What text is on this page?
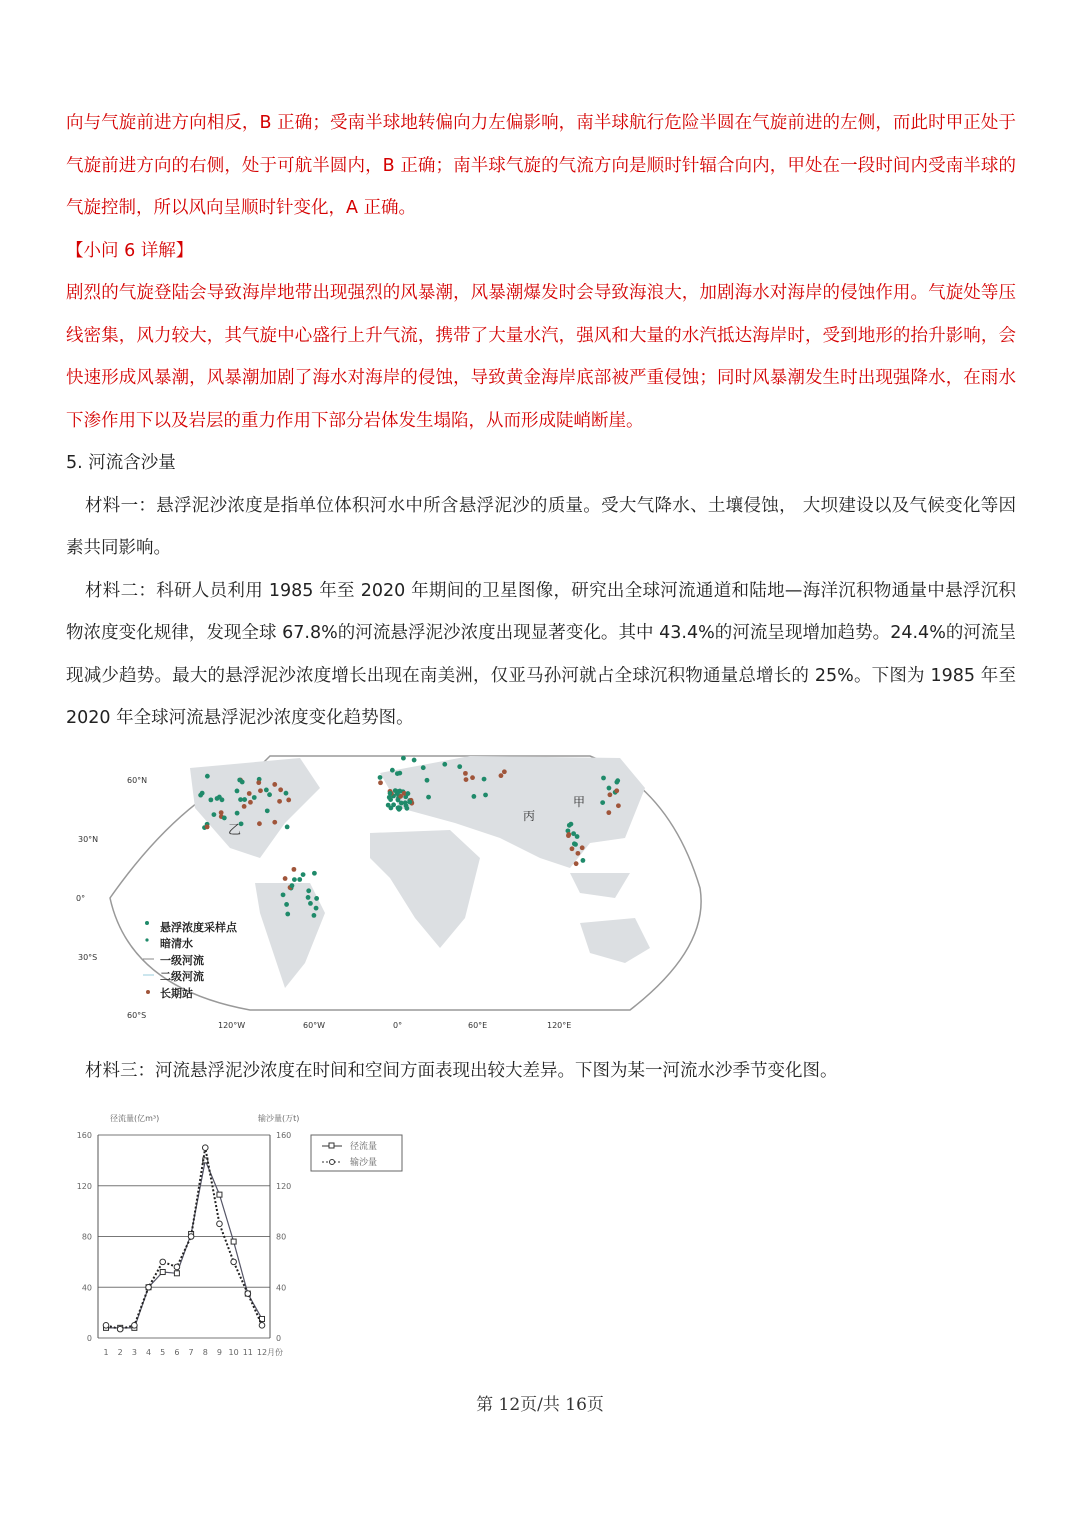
向与气旋前进方向相反，B 正确；受南半球地转偏向力左偏影响，南半球航行危险半圆在气旋前进的左侧，而此时甲正处于气旋前进方向的右侧，处于可航半圆内，B 正确；南半球气旋的气流方向是顺时针辐合向内，甲处在一段时间内受南半球的气旋控制，所以风向呈顺时针变化，A 正确。

【小问 6 详解】

剧烈的气旋登陆会导致海岸地带出现强烈的风暴潮，风暴潮爆发时会导致海浪大，加剧海水对海岸的侵蚀作用。气旋处等压线密集，风力较大，其气旋中心盛行上升气流，携带了大量水汽，强风和大量的水汽抵达海岸时，受到地形的抬升影响，会快速形成风暴潮，风暴潮加剧了海水对海岸的侵蚀，导致黄金海岸底部被严重侵蚀；同时风暴潮发生时出现强降水，在雨水下渗作用下以及岩层的重力作用下部分岩体发生塌陷，从而形成陡峭断崖。

5. 河流含沙量

材料一：悬浮泥沙浓度是指单位体积河水中所含悬浮泥沙的质量。受大气降水、土壤侵蚀， 大坝建设以及气候变化等因素共同影响。

材料二：科研人员利用 1985 年至 2020 年期间的卫星图像，研究出全球河流通道和陆地—海洋沉积物通量中悬浮沉积物浓度变化规律，发现全球 67.8%的河流悬浮泥沙浓度出现显著变化。其中 43.4%的河流呈现增加趋势。24.4%的河流呈现减少趋势。最大的悬浮泥沙浓度增长出现在南美洲，仅亚马孙河就占全球沉积物通量总增长的 25%。下图为 1985 年至 2020 年全球河流悬浮泥沙浓度变化趋势图。

60°N
30°N
0°
30°S
60°S
120°W	60°W	0°	60°E	120°E
乙
丙
甲
悬浮浓度采样点
暗清水
一级河流
二级河流
长期站
材料三：河流悬浮泥沙浓度在时间和空间方面表现出较大差异。下图为某一河流水沙季节变化图。
径流量(亿m³)	输沙量(万t)
月份
0	0
40	40
80	80
120	120
160	160
1 2 3 4 5 6 7 8 9 10 11 12
径流量
输沙量
第 12页/共 16页
